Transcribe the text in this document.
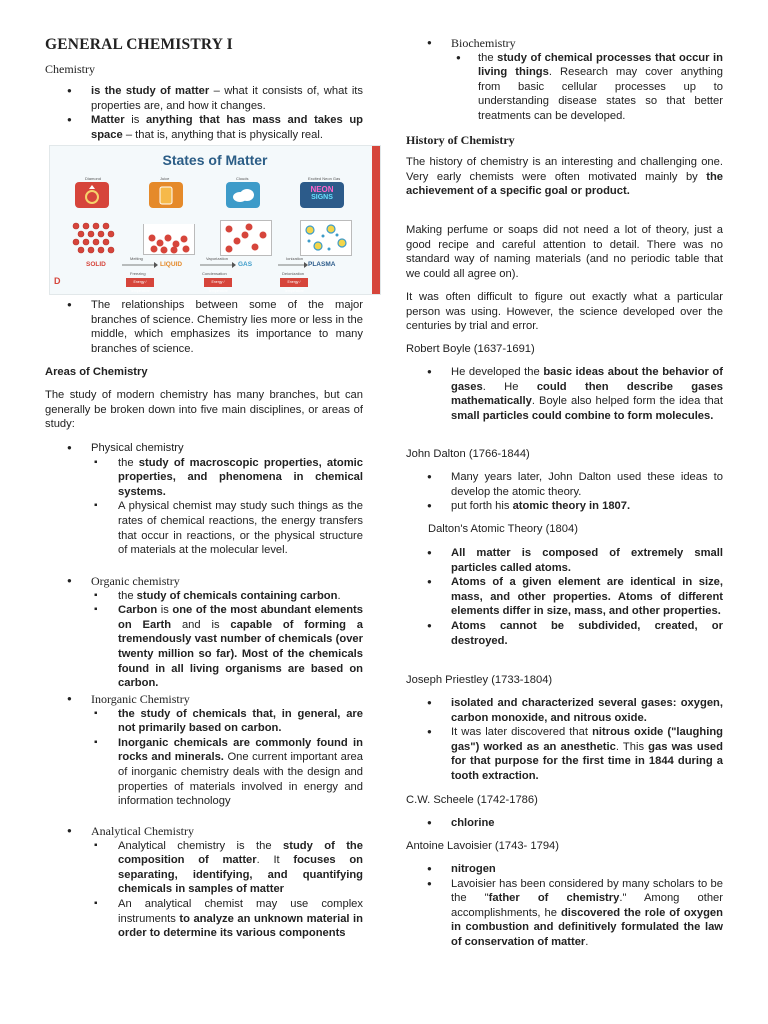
GENERAL CHEMISTRY I
Chemistry
● is the study of matter – what it consists of, what its properties are, and how it changes.
● Matter is anything that has mass and takes up space – that is, anything that is physically real.
States of Matter
Diamond	Juice	Clouds	Excited Neon Gas
NEON
SIGNS
Melting	Vaporization	Ionization
SOLID	LIQUID	GAS	PLASMA
Freezing	Condensation	Deionization
Energy / Temperature
Energy / Temperature
Energy / Temperature
D
● The relationships between some of the major branches of science. Chemistry lies more or less in the middle, which emphasizes its importance to many branches of science.
Areas of Chemistry

The study of modern chemistry has many branches, but can generally be broken down into five main disciplines, or areas of study:

● Physical chemistry
▪ the study of macroscopic properties, atomic properties, and phenomena in chemical systems.
▪ A physical chemist may study such things as the rates of chemical reactions, the energy transfers that occur in reactions, or the physical structure of materials at the molecular level.
● Organic chemistry
▪ the study of chemicals containing carbon.
▪ Carbon is one of the most abundant elements on Earth and is capable of forming a tremendously vast number of chemicals (over twenty million so far). Most of the chemicals found in all living organisms are based on carbon.
● Inorganic Chemistry
▪ the study of chemicals that, in general, are not primarily based on carbon.
▪ Inorganic chemicals are commonly found in rocks and minerals. One current important area of inorganic chemistry deals with the design and properties of materials involved in energy and information technology
● Analytical Chemistry
▪ Analytical chemistry is the study of the composition of matter. It focuses on separating, identifying, and quantifying chemicals in samples of matter
▪ An analytical chemist may use complex instruments to analyze an unknown material in order to determine its various components
● Biochemistry
● the study of chemical processes that occur in living things. Research may cover anything from basic cellular processes up to understanding disease states so that better treatments can be developed.
History of Chemistry

The history of chemistry is an interesting and challenging one. Very early chemists were often motivated mainly by the achievement of a specific goal or product.

Making perfume or soaps did not need a lot of theory, just a good recipe and careful attention to detail. There was no standard way of naming materials (and no periodic table that we could all agree on).

It was often difficult to figure out exactly what a particular person was using. However, the science developed over the centuries by trial and error.

Robert Boyle (1637-1691)
● He developed the basic ideas about the behavior of gases. He could then describe gases mathematically. Boyle also helped form the idea that small particles could combine to form molecules.
John Dalton (1766-1844)
● Many years later, John Dalton used these ideas to develop the atomic theory.
● put forth his atomic theory in 1807.
Dalton's Atomic Theory (1804)
● All matter is composed of extremely small particles called atoms.
● Atoms of a given element are identical in size, mass, and other properties. Atoms of different elements differ in size, mass, and other properties.
● Atoms cannot be subdivided, created, or destroyed.
Joseph Priestley (1733-1804)
● isolated and characterized several gases: oxygen, carbon monoxide, and nitrous oxide.
● It was later discovered that nitrous oxide ("laughing gas") worked as an anesthetic. This gas was used for that purpose for the first time in 1844 during a tooth extraction.
C.W. Scheele (1742-1786)
● chlorine
Antoine Lavoisier (1743- 1794)
● nitrogen
● Lavoisier has been considered by many scholars to be the "father of chemistry." Among other accomplishments, he discovered the role of oxygen in combustion and definitively formulated the law of conservation of matter.
